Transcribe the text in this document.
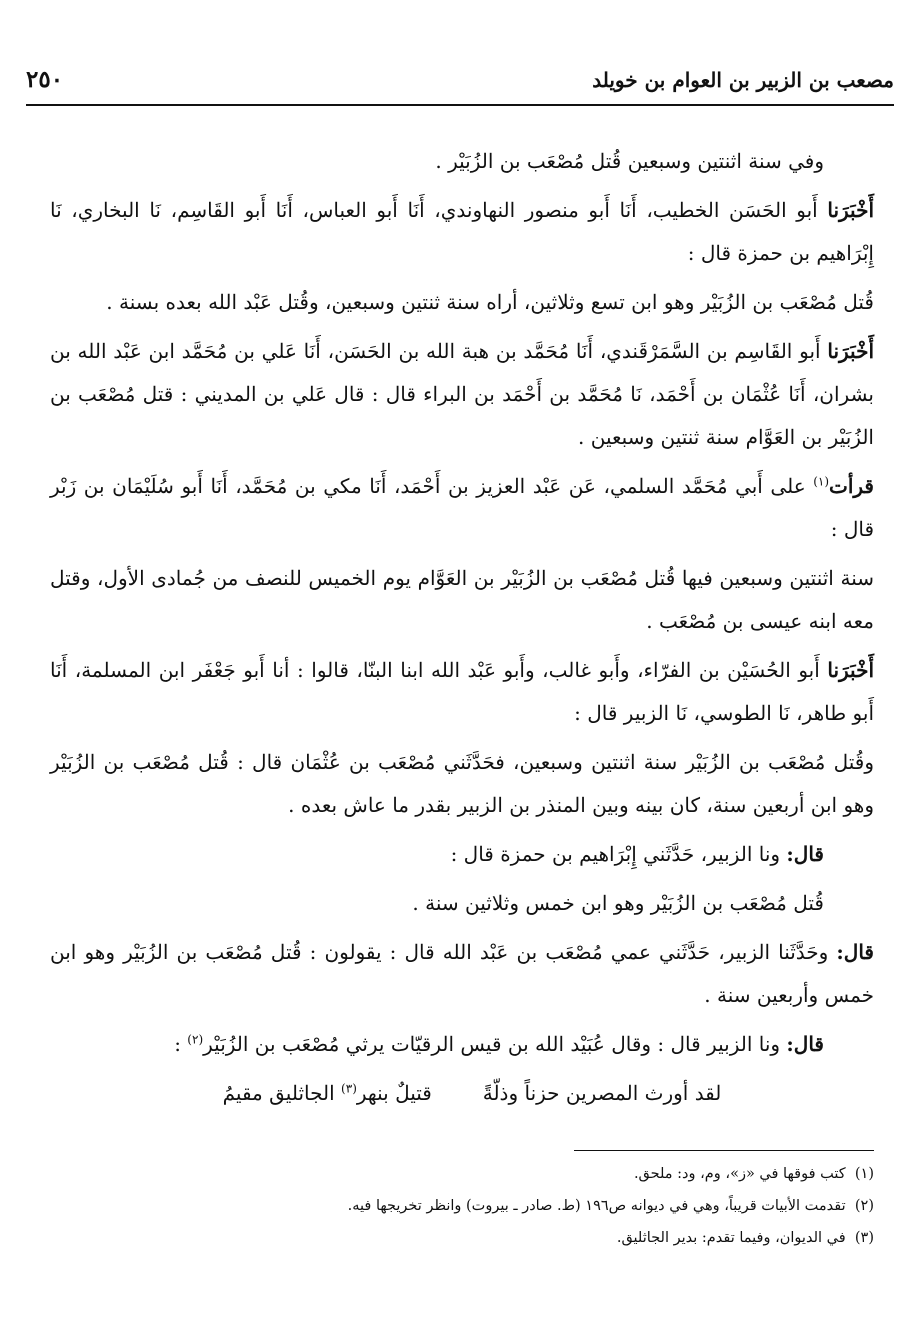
٢٥٠	مصعب بن الزبير بن العوام بن خويلد

وفي سنة اثنتين وسبعين قُتل مُصْعَب بن الزُبَيْر .

أَخْبَرَنا أَبو الحَسَن الخطيب، أَنَا أَبو منصور النهاوندي، أَنَا أَبو العباس، أَنَا أَبو القَاسِم، نَا البخاري، نَا إِبْرَاهيم بن حمزة قال :

قُتل مُصْعَب بن الزُبَيْر وهو ابن تسع وثلاثين، أراه سنة ثنتين وسبعين، وقُتل عَبْد الله بعده بسنة .

أَخْبَرَنا أَبو القَاسِم بن السَّمَرْقَندي، أَنَا مُحَمَّد بن هبة الله بن الحَسَن، أَنَا عَلي بن مُحَمَّد ابن عَبْد الله بن بشران، أَنَا عُثْمَان بن أَحْمَد، نَا مُحَمَّد بن أَحْمَد بن البراء قال : قال عَلي بن المديني : قتل مُصْعَب بن الزُبَيْر بن العَوَّام سنة ثنتين وسبعين .

قرأت$^{(١)}$ على أَبي مُحَمَّد السلمي، عَن عَبْد العزيز بن أَحْمَد، أَنَا مكي بن مُحَمَّد، أَنَا أَبو سُلَيْمَان بن زَبْر قال :

سنة اثنتين وسبعين فيها قُتل مُصْعَب بن الزُبَيْر بن العَوَّام يوم الخميس للنصف من جُمادى الأول، وقتل معه ابنه عيسى بن مُصْعَب .

أَخْبَرَنا أَبو الحُسَيْن بن الفرّاء، وأَبو غالب، وأَبو عَبْد الله ابنا البنّا، قالوا : أنا أَبو جَعْفَر ابن المسلمة، أَنَا أَبو طاهر، نَا الطوسي، نَا الزبير قال :

وقُتل مُصْعَب بن الزُبَيْر سنة اثنتين وسبعين، فحَدَّثَني مُصْعَب بن عُثْمَان قال : قُتل مُصْعَب بن الزُبَيْر وهو ابن أربعين سنة، كان بينه وبين المنذر بن الزبير بقدر ما عاش بعده .

قال: ونا الزبير، حَدَّثَني إِبْرَاهيم بن حمزة قال :

قُتل مُصْعَب بن الزُبَيْر وهو ابن خمس وثلاثين سنة .

قال: وحَدَّثَنا الزبير، حَدَّثَني عمي مُصْعَب بن عَبْد الله قال : يقولون : قُتل مُصْعَب بن الزُبَيْر وهو ابن خمس وأربعين سنة .

قال: ونا الزبير قال : وقال عُبَيْد الله بن قيس الرقيّات يرثي مُصْعَب بن الزُبَيْر$^{(٢)}$ :

لقد أورث المصرين حزناً وذلّةً        قتيلٌ بنهر$^{(٣)}$ الجاثليق مقيمُ

(١)  كتب فوقها في «ز»، وم، ود: ملحق.

(٢)  تقدمت الأبيات قريباً، وهي في ديوانه ص١٩٦ (ط. صادر ـ بيروت) وانظر تخريجها فيه.

(٣)  في الديوان، وفيما تقدم: بدير الجاثليق.
